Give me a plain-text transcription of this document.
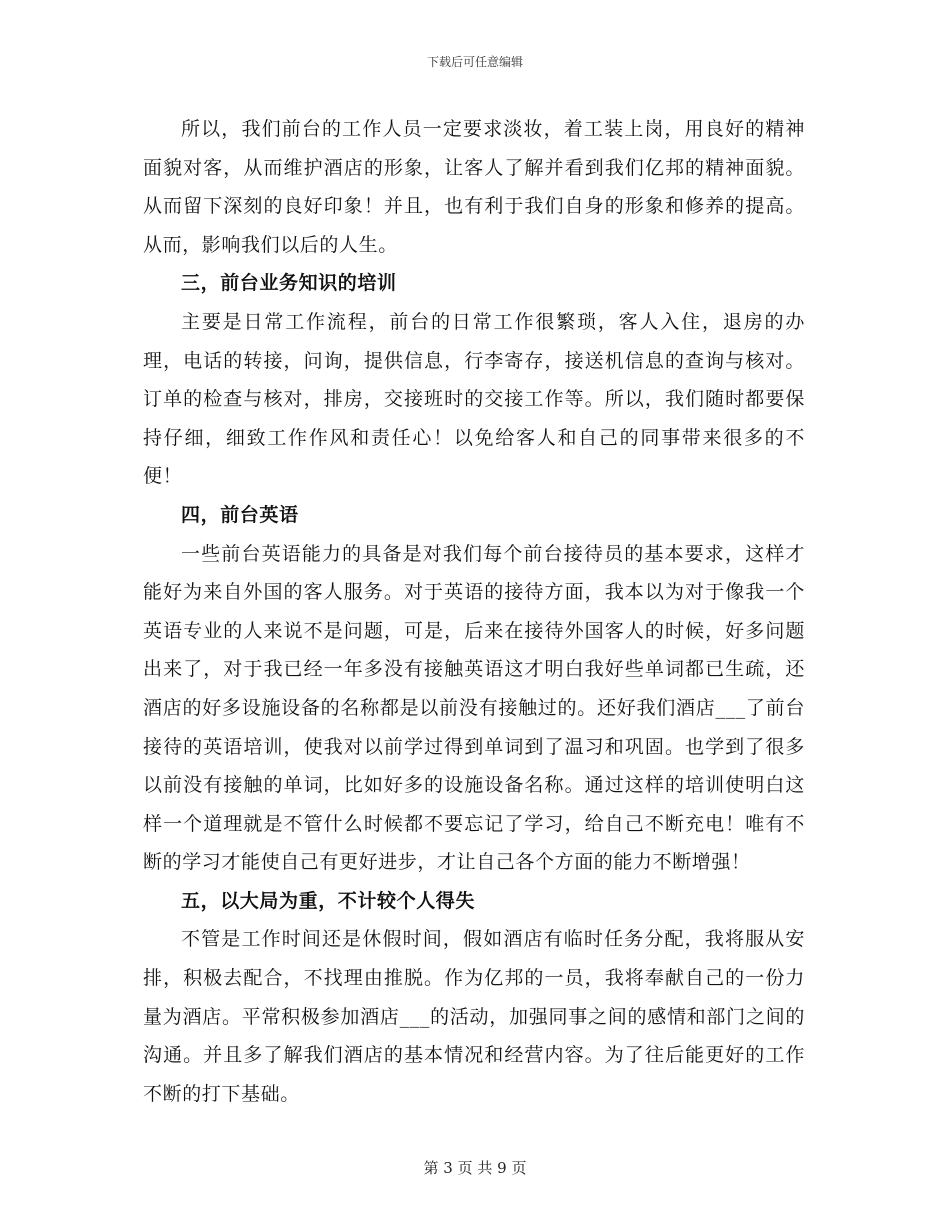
下载后可任意编辑

所以，我们前台的工作人员一定要求淡妆，着工装上岗，用良好的精神面貌对客，从而维护酒店的形象，让客人了解并看到我们亿邦的精神面貌。从而留下深刻的良好印象！并且，也有利于我们自身的形象和修养的提高。从而，影响我们以后的人生。

三，前台业务知识的培训

主要是日常工作流程，前台的日常工作很繁琐，客人入住，退房的办理，电话的转接，问询，提供信息，行李寄存，接送机信息的查询与核对。订单的检查与核对，排房，交接班时的交接工作等。所以，我们随时都要保持仔细，细致工作作风和责任心！以免给客人和自己的同事带来很多的不便！

四，前台英语

一些前台英语能力的具备是对我们每个前台接待员的基本要求，这样才能好为来自外国的客人服务。对于英语的接待方面，我本以为对于像我一个英语专业的人来说不是问题，可是，后来在接待外国客人的时候，好多问题出来了，对于我已经一年多没有接触英语这才明白我好些单词都已生疏，还酒店的好多设施设备的名称都是以前没有接触过的。还好我们酒店___了前台接待的英语培训，使我对以前学过得到单词到了温习和巩固。也学到了很多以前没有接触的单词，比如好多的设施设备名称。通过这样的培训使明白这样一个道理就是不管什么时候都不要忘记了学习，给自己不断充电！唯有不断的学习才能使自己有更好进步，才让自己各个方面的能力不断增强！

五，以大局为重，不计较个人得失

不管是工作时间还是休假时间，假如酒店有临时任务分配，我将服从安排，积极去配合，不找理由推脱。作为亿邦的一员，我将奉献自己的一份力量为酒店。平常积极参加酒店___的活动，加强同事之间的感情和部门之间的沟通。并且多了解我们酒店的基本情况和经营内容。为了往后能更好的工作不断的打下基础。

第 3 页 共 9 页
